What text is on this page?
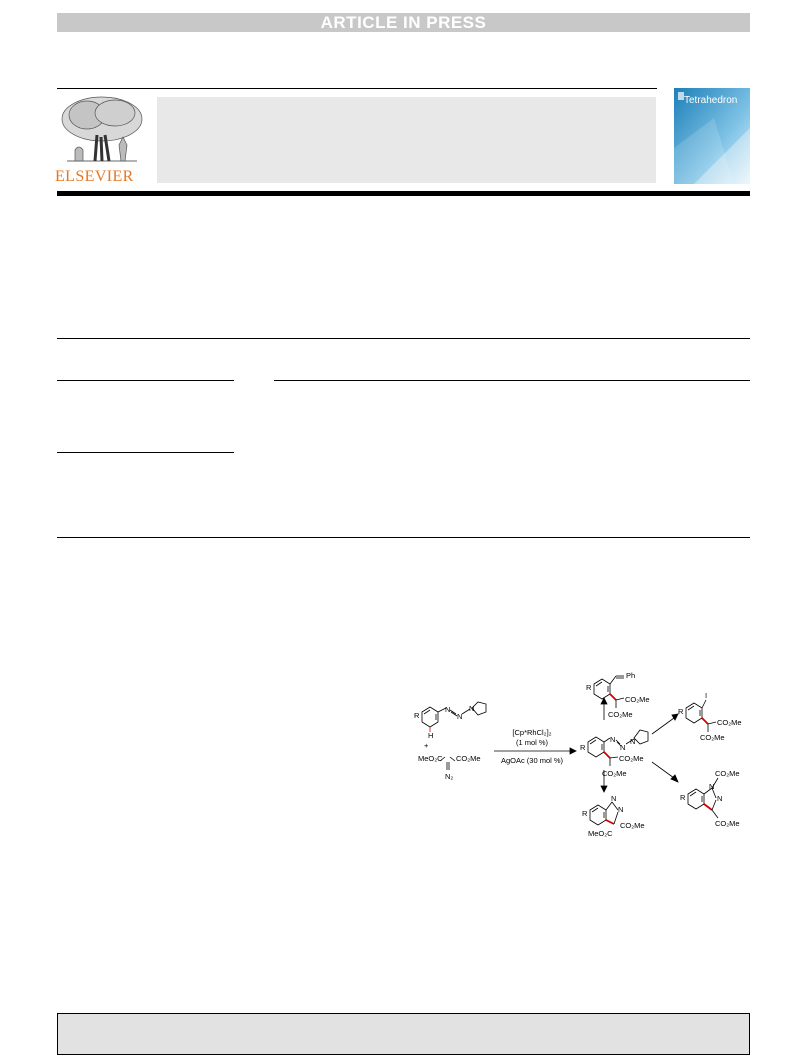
ARTICLE IN PRESS
ELSEVIER
Tetrahedron
R
H
N
N
N
+
MeO₂C CO₂Me
N₂
[Cp*RhCl₂]₂
(1 mol %)
AgOAc (30 mol %)
R
N
N
N
CO₂Me
CO₂Me
Ph
R
CO₂Me
CO₂Me
I
R
CO₂Me
CO₂Me
R
N
N
MeO₂C
CO₂Me
R
N
N
CO₂Me
CO₂Me
